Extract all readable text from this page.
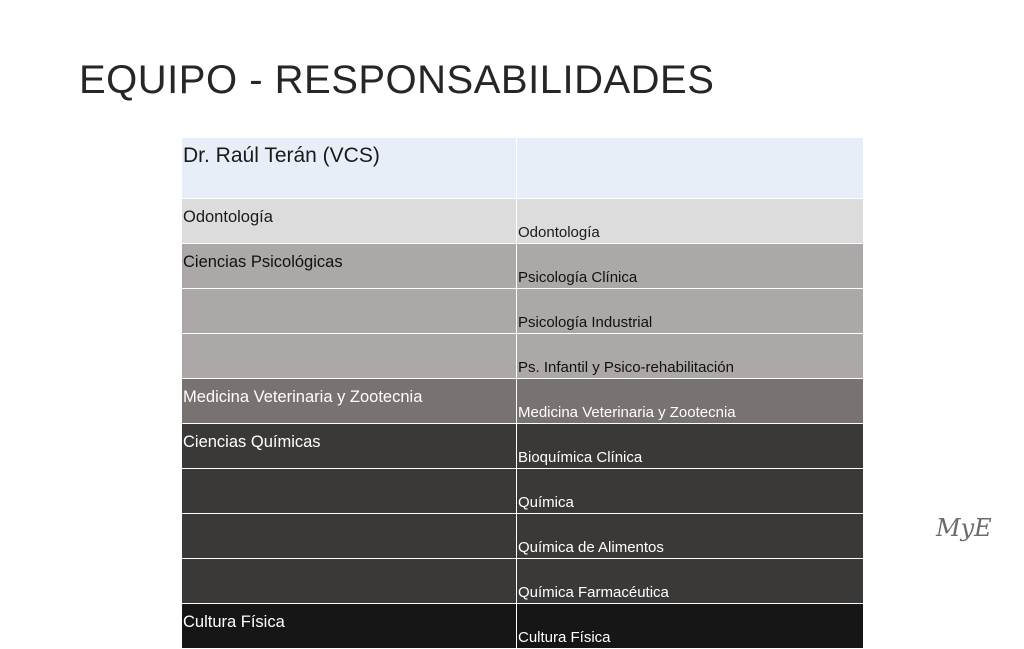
EQUIPO - RESPONSABILIDADES
Dr. Raúl Terán (VCS)	
Odontología	Odontología
Ciencias Psicológicas	Psicología Clínica
	Psicología Industrial
	Ps. Infantil y Psico-rehabilitación
Medicina Veterinaria y Zootecnia	Medicina Veterinaria y Zootecnia
Ciencias Químicas	Bioquímica Clínica
	Química
	Química de Alimentos
	Química Farmacéutica
Cultura Física	Cultura Física
MyE
